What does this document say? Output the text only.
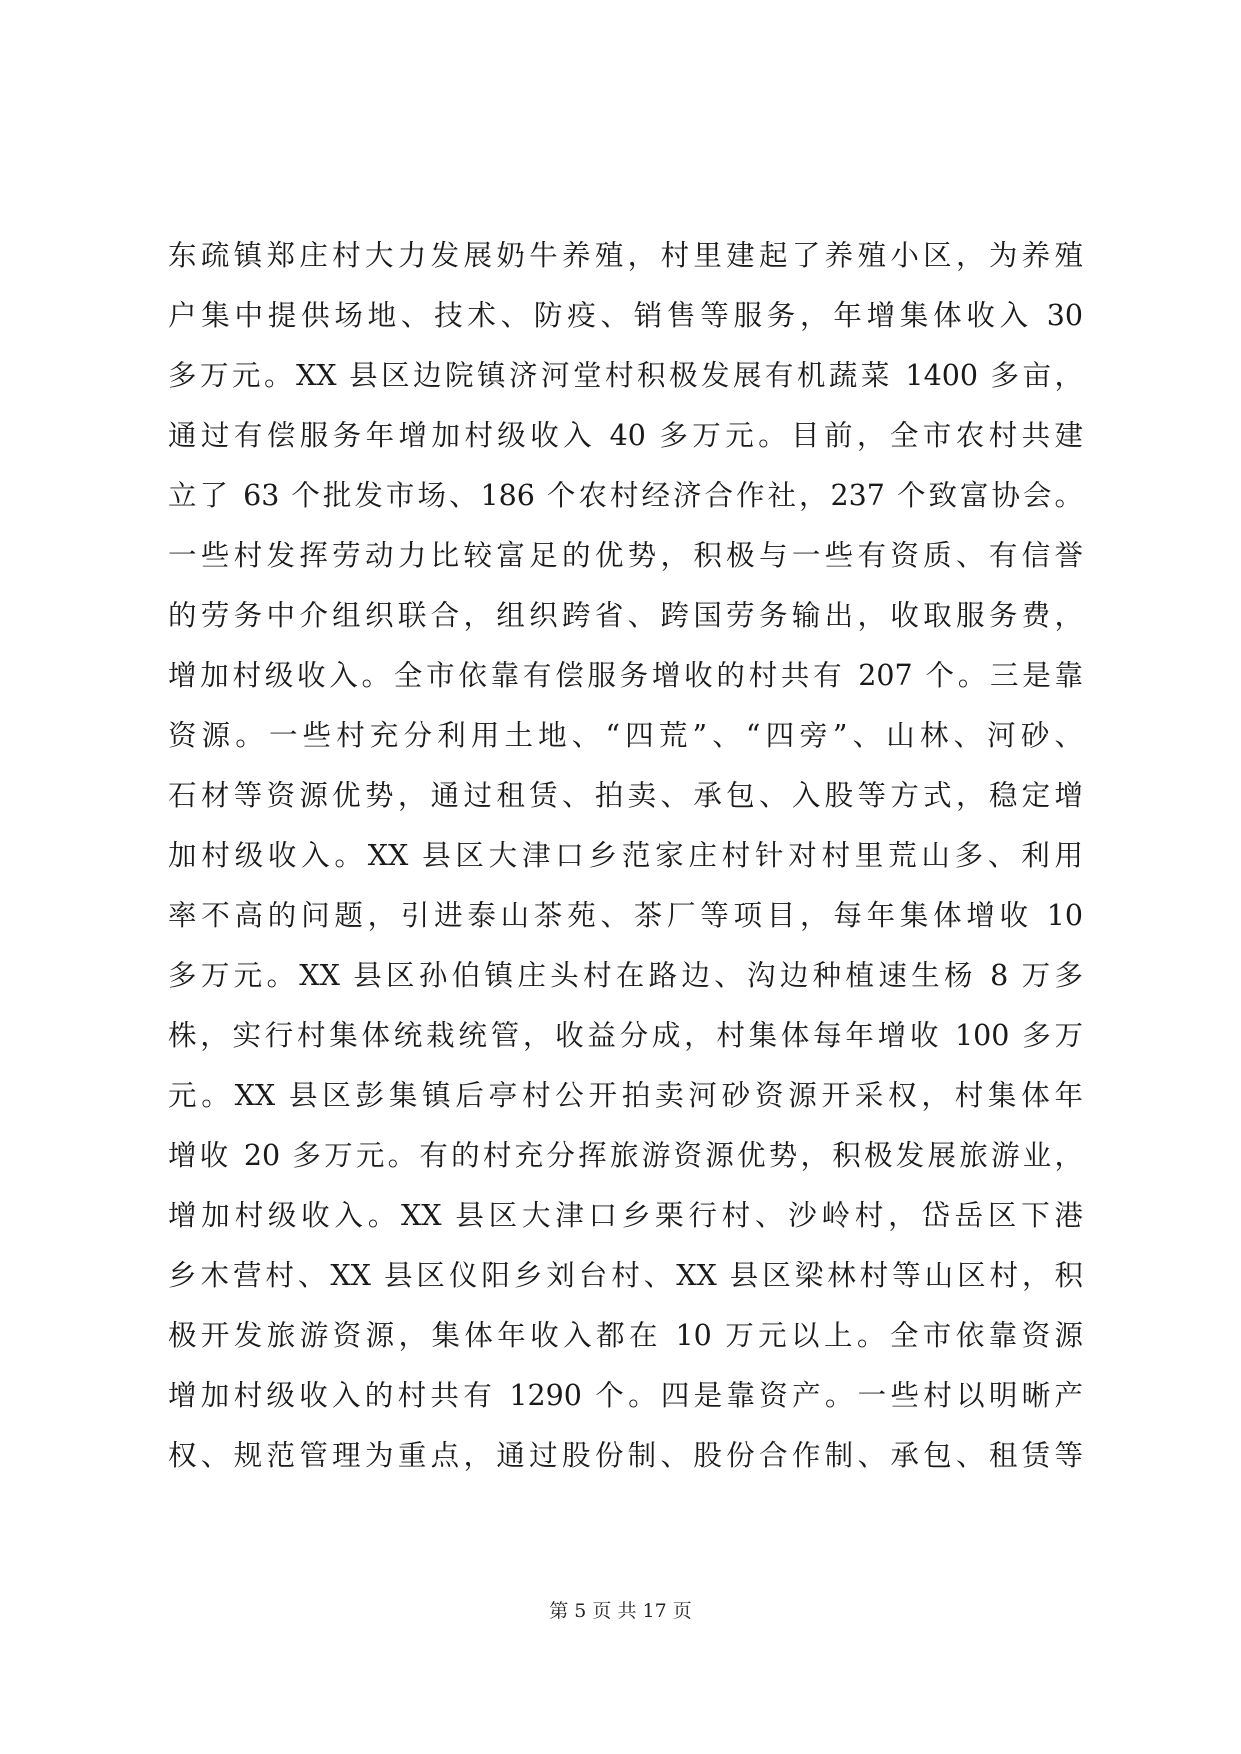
东疏镇郑庄村大力发展奶牛养殖，村里建起了养殖小区，为养殖
户集中提供场地、技术、防疫、销售等服务，年增集体收入 30
多万元。XX 县区边院镇济河堂村积极发展有机蔬菜 1400 多亩，
通过有偿服务年增加村级收入 40 多万元。目前，全市农村共建
立了 63 个批发市场、186 个农村经济合作社，237 个致富协会。
一些村发挥劳动力比较富足的优势，积极与一些有资质、有信誉
的劳务中介组织联合，组织跨省、跨国劳务输出，收取服务费，
增加村级收入。全市依靠有偿服务增收的村共有 207 个。三是靠
资源。一些村充分利用土地、“四荒”、“四旁”、山林、河砂、
石材等资源优势，通过租赁、拍卖、承包、入股等方式，稳定增
加村级收入。XX 县区大津口乡范家庄村针对村里荒山多、利用
率不高的问题，引进泰山茶苑、茶厂等项目，每年集体增收 10
多万元。XX 县区孙伯镇庄头村在路边、沟边种植速生杨 8 万多
株，实行村集体统栽统管，收益分成，村集体每年增收 100 多万
元。XX 县区彭集镇后亭村公开拍卖河砂资源开采权，村集体年
增收 20 多万元。有的村充分挥旅游资源优势，积极发展旅游业，
增加村级收入。XX 县区大津口乡栗行村、沙岭村，岱岳区下港
乡木营村、XX 县区仪阳乡刘台村、XX 县区梁林村等山区村，积
极开发旅游资源，集体年收入都在 10 万元以上。全市依靠资源
增加村级收入的村共有 1290 个。四是靠资产。一些村以明晰产
权、规范管理为重点，通过股份制、股份合作制、承包、租赁等
第 5 页 共 17 页
